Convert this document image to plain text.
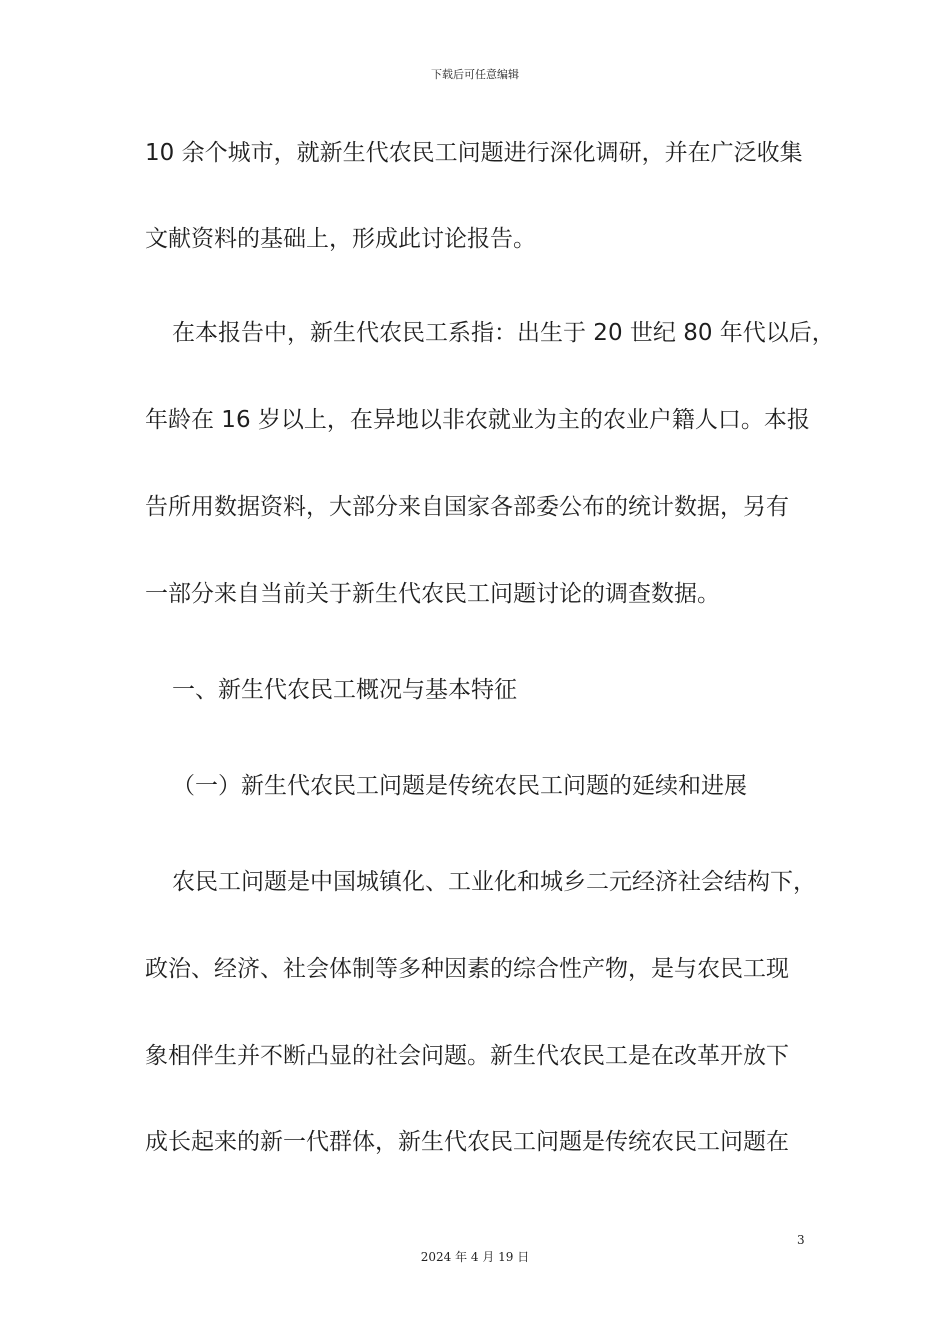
下载后可任意编辑
10 余个城市，就新生代农民工问题进行深化调研，并在广泛收集
文献资料的基础上，形成此讨论报告。
在本报告中，新生代农民工系指：出生于 20 世纪 80 年代以后，
年龄在 16 岁以上，在异地以非农就业为主的农业户籍人口。本报
告所用数据资料，大部分来自国家各部委公布的统计数据，另有
一部分来自当前关于新生代农民工问题讨论的调查数据。
一、新生代农民工概况与基本特征
（一）新生代农民工问题是传统农民工问题的延续和进展
农民工问题是中国城镇化、工业化和城乡二元经济社会结构下，
政治、经济、社会体制等多种因素的综合性产物，是与农民工现
象相伴生并不断凸显的社会问题。新生代农民工是在改革开放下
成长起来的新一代群体，新生代农民工问题是传统农民工问题在
3
2024 年 4 月 19 日
